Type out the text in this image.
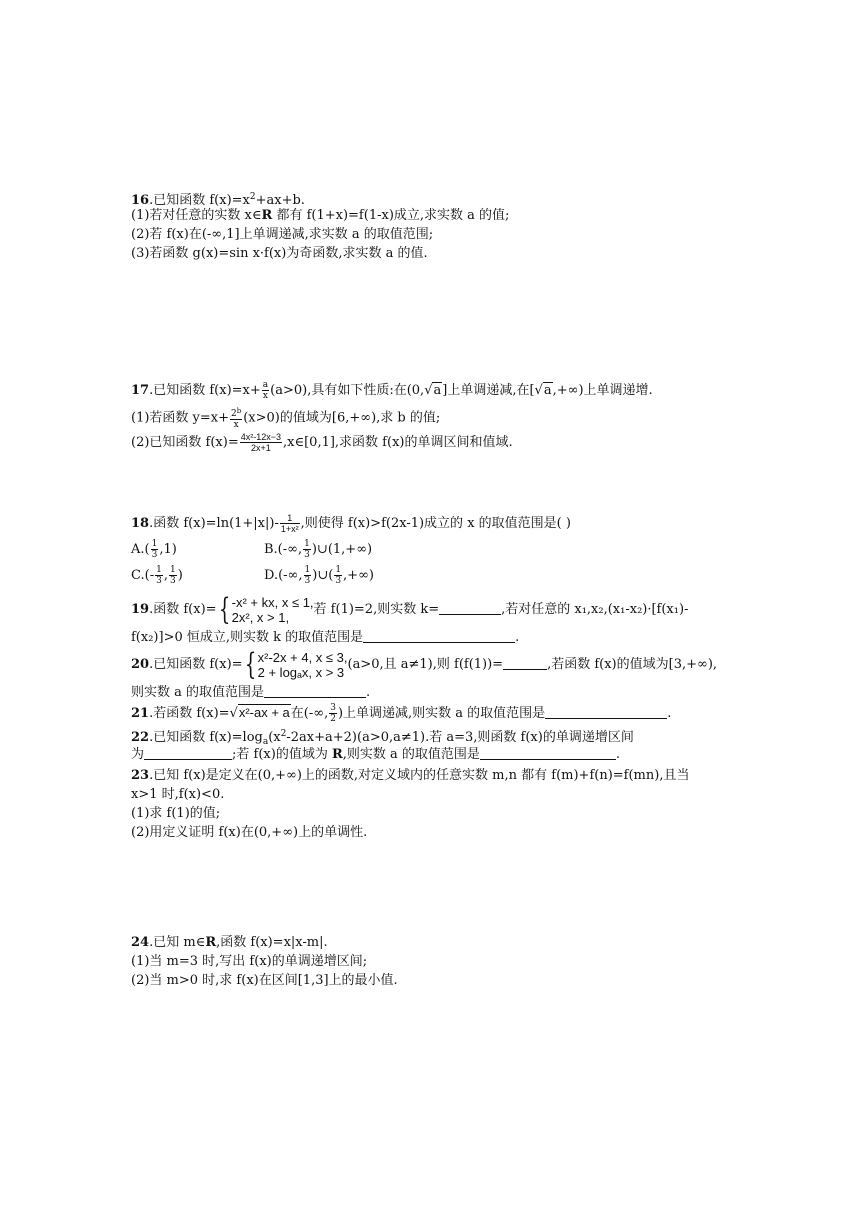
16.已知函数 $f(x)=x^2+ax+b$.
(1)若对任意的实数 x∈R 都有 f(1+x)=f(1-x)成立,求实数 a 的值;
(2)若 f(x)在(-∞,1]上单调递减,求实数 a 的取值范围;
(3)若函数 g(x)=sin x·f(x)为奇函数,求实数 a 的值.
17.已知函数 $f(x)=x+ \frac{a}{x} (a>0)$,具有如下性质:在(0,√a]上单调递减,在[√a,+∞)上单调递增.
(1)若函数 $y=x+ \frac{2^b}{x} (x>0)$的值域为[6,+∞),求 b 的值;
(2)已知函数 $f(x)= \frac{\text{4x²-12x−3}}{2x+1}$ ,x∈[0,1],求函数 f(x)的单调区间和值域.
18.函数 $f(x)=\ln(1+|x|)- \frac{1}{\text{1+x²}}$ ,则使得 f(x)>f(2x-1)成立的 x 的取值范围是( )
$A.( \frac{1}{3} ,1)$	B.(-∞, $\frac{1}{3}$ )∪(1,+∞)
$C.(- \frac{1}{3}$ , $\frac{1}{3}$ )	D.(-∞, $\frac{1}{3}$ )∪( $\frac{1}{3}$ ,+∞)
19.函数 f(x)={ -x² + kx, x ≤ 1,
2x², x > 1,	若 f(1)=2,则实数 k=	,若对任意的 x₁,x₂,(x₁-x₂)·[f(x₁)-
f(x₂)]>0 恒成立,则实数 k 的取值范围是	.
20.已知函数 f(x)={ x²-2x + 4, x ≤ 3,
2 + logₐx, x > 3 (a>0,且 a≠1),则 f(f(1))=	,若函数 f(x)的值域为[3,+∞),
则实数 a 的取值范围是	.
21.若函数 f(x)=√x²-ax + a在(-∞, $\frac{3}{2}$ )上单调递减,则实数 a 的取值范围是	.
22.已知函数 $f(x)=\log_a(x^2-2ax+a+2)(a>0,a\ne 1)$.若 a=3,则函数 f(x)的单调递增区间
为	;若 f(x)的值域为 R,则实数 a 的取值范围是	.
23.已知 f(x)是定义在(0,+∞)上的函数,对定义域内的任意实数 m,n 都有 f(m)+f(n)=f(mn),且当
x>1 时,f(x)<0.
(1)求 f(1)的值;
(2)用定义证明 f(x)在(0,+∞)上的单调性.
24.已知 m∈R,函数 f(x)=x|x-m|.
(1)当 m=3 时,写出 f(x)的单调递增区间;
(2)当 m>0 时,求 f(x)在区间[1,3]上的最小值.
